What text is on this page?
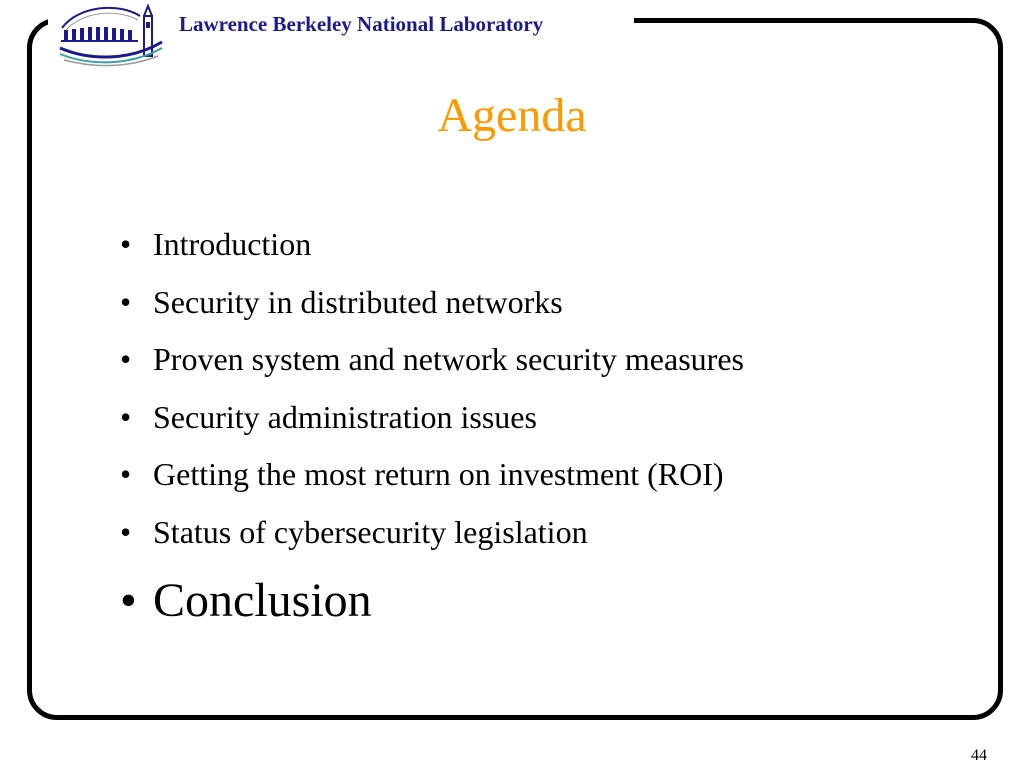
Lawrence Berkeley National Laboratory
Agenda
• Introduction
• Security in distributed networks
• Proven system and network security measures
• Security administration issues
• Getting the most return on investment (ROI)
• Status of cybersecurity legislation
• Conclusion
44
